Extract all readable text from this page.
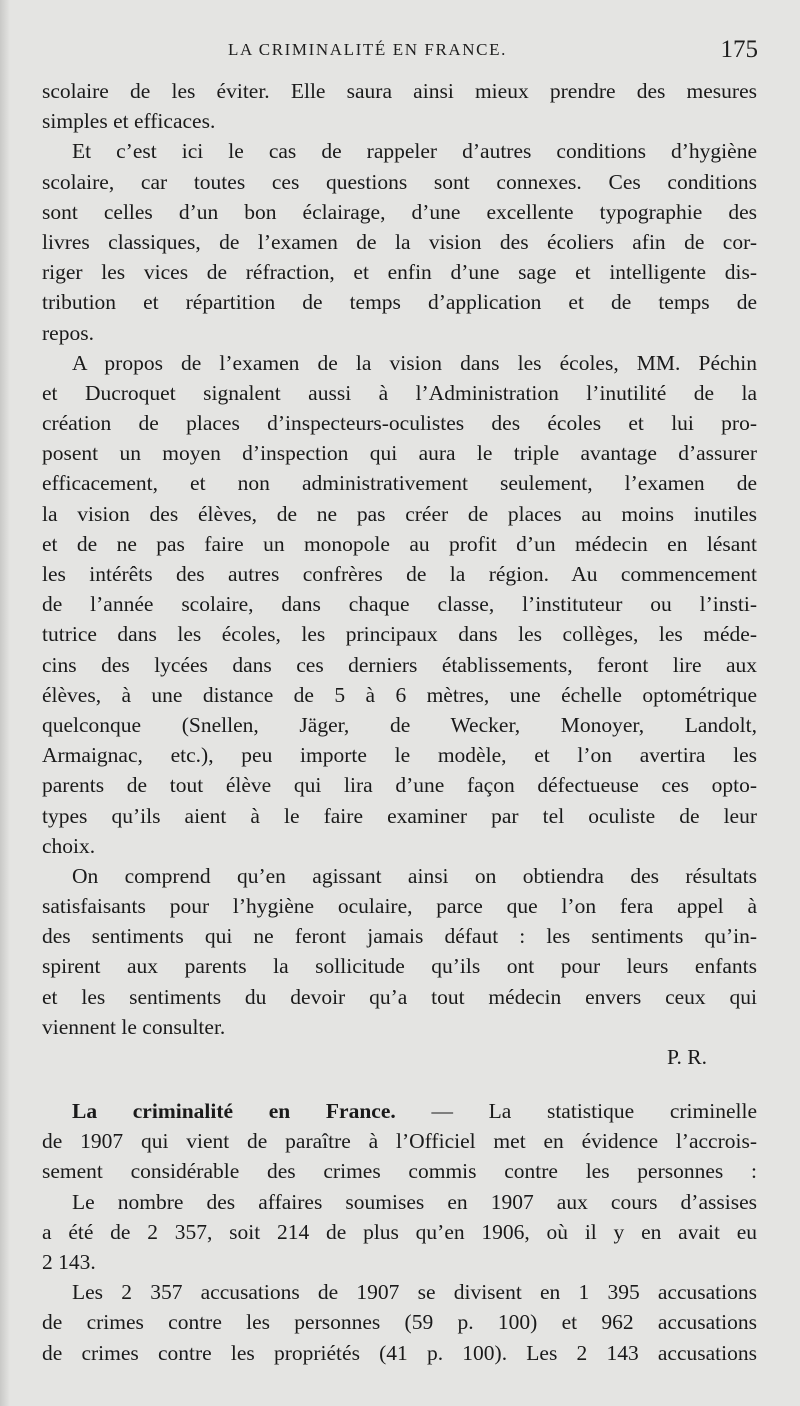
LA CRIMINALITÉ EN FRANCE.	175
scolaire de les éviter. Elle saura ainsi mieux prendre des mesures
simples et efficaces.
Et c’est ici le cas de rappeler d’autres conditions d’hygiène
scolaire, car toutes ces questions sont connexes. Ces conditions
sont celles d’un bon éclairage, d’une excellente typographie des
livres classiques, de l’examen de la vision des écoliers afin de cor-
riger les vices de réfraction, et enfin d’une sage et intelligente dis-
tribution et répartition de temps d’application et de temps de
repos.
A propos de l’examen de la vision dans les écoles, MM. Péchin
et Ducroquet signalent aussi à l’Administration l’inutilité de la
création de places d’inspecteurs-oculistes des écoles et lui pro-
posent un moyen d’inspection qui aura le triple avantage d’assurer
efficacement, et non administrativement seulement, l’examen de
la vision des élèves, de ne pas créer de places au moins inutiles
et de ne pas faire un monopole au profit d’un médecin en lésant
les intérêts des autres confrères de la région. Au commencement
de l’année scolaire, dans chaque classe, l’instituteur ou l’insti-
tutrice dans les écoles, les principaux dans les collèges, les méde-
cins des lycées dans ces derniers établissements, feront lire aux
élèves, à une distance de 5 à 6 mètres, une échelle optométrique
quelconque (Snellen, Jäger, de Wecker, Monoyer, Landolt,
Armaignac, etc.), peu importe le modèle, et l’on avertira les
parents de tout élève qui lira d’une façon défectueuse ces opto-
types qu’ils aient à le faire examiner par tel oculiste de leur
choix.
On comprend qu’en agissant ainsi on obtiendra des résultats
satisfaisants pour l’hygiène oculaire, parce que l’on fera appel à
des sentiments qui ne feront jamais défaut : les sentiments qu’in-
spirent aux parents la sollicitude qu’ils ont pour leurs enfants
et les sentiments du devoir qu’a tout médecin envers ceux qui
viennent le consulter.
P. R.
La criminalité en France. — La statistique criminelle
de 1907 qui vient de paraître à l’Officiel met en évidence l’accrois-
sement considérable des crimes commis contre les personnes :
Le nombre des affaires soumises en 1907 aux cours d’assises
a été de 2 357, soit 214 de plus qu’en 1906, où il y en avait eu
2 143.
Les 2 357 accusations de 1907 se divisent en 1 395 accusations
de crimes contre les personnes (59 p. 100) et 962 accusations
de crimes contre les propriétés (41 p. 100). Les 2 143 accusations
